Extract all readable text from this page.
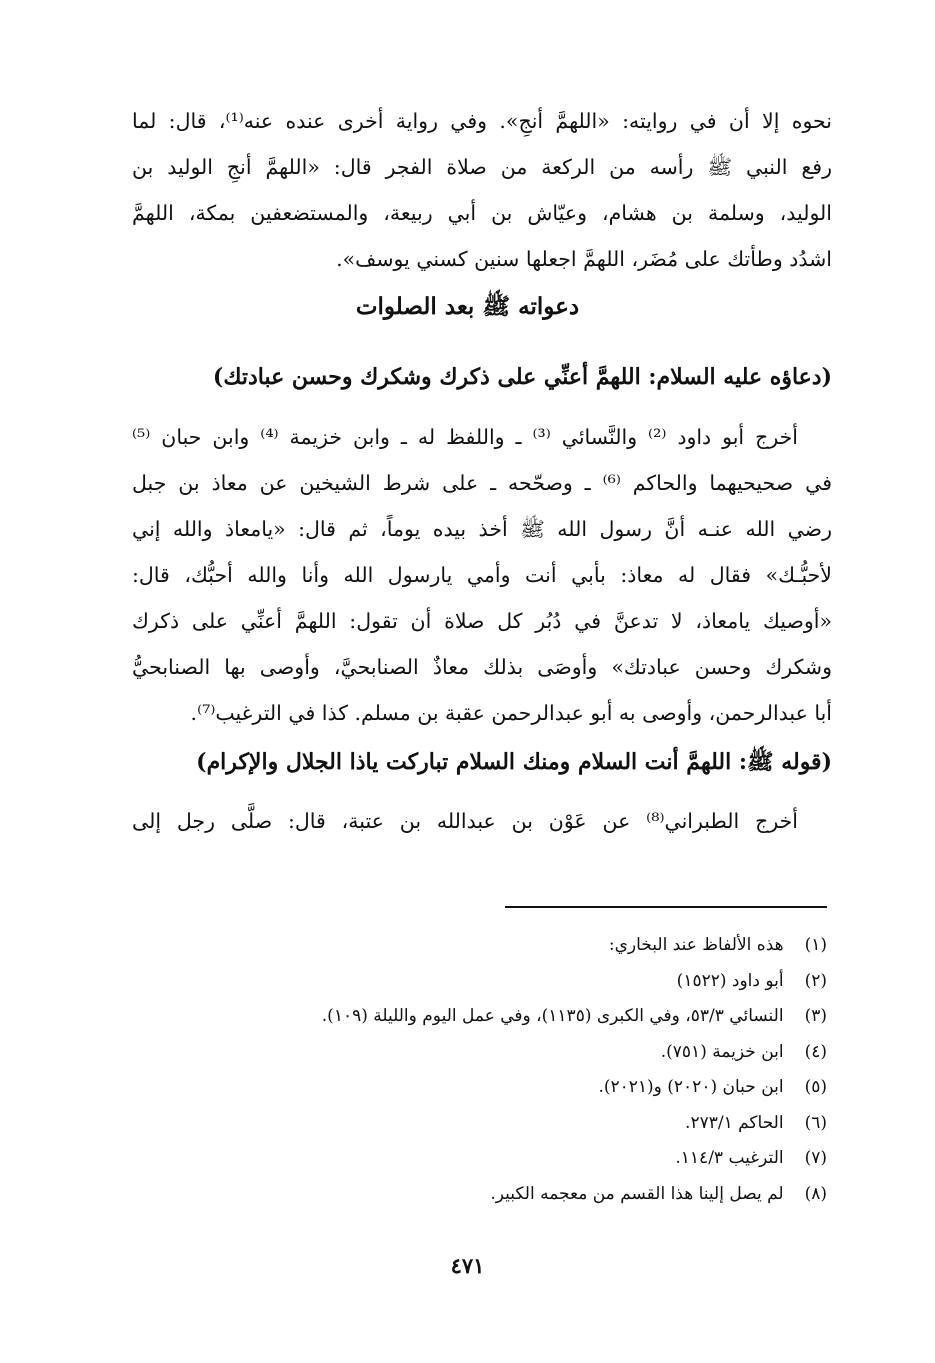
نحوه إلا أن في روايته: «اللهمَّ أنجِ». وفي رواية أخرى عنده عنه⁽¹⁾، قال: لما
رفع النبي ﷺ رأسه من الركعة من صلاة الفجر قال: «اللهمَّ أنجِ الوليد بن
الوليد، وسلمة بن هشام، وعيّاش بن أبي ربيعة، والمستضعفين بمكة، اللهمَّ
اشدُد وطأتك على مُضَر، اللهمَّ اجعلها سنين كسني يوسف».
دعواته ﷺ بعد الصلوات
(دعاؤه عليه السلام: اللهمَّ أعنِّي على ذكرك وشكرك وحسن عبادتك)
أخرج أبو داود ⁽²⁾ والنَّسائي ⁽³⁾ ـ واللفظ له ـ وابن خزيمة ⁽⁴⁾ وابن حبان ⁽⁵⁾
في صحيحيهما والحاكم ⁽⁶⁾ ـ وصحّحه ـ على شرط الشيخين عن معاذ بن جبل
رضي الله عنـه أنَّ رسول الله ﷺ أخذ بيده يوماً، ثم قال: «يامعاذ والله إني
لأحبُّـك» فقال له معاذ: بأبي أنت وأمي يارسول الله وأنا والله أحبُّك، قال:
«أوصيك يامعاذ، لا تدعنَّ في دُبُر كل صلاة أن تقول: اللهمَّ أعنِّي على ذكرك
وشكرك وحسن عبادتك» وأوصَى بذلك معاذٌ الصنابحيَّ، وأوصى بها الصنابحيُّ
أبا عبدالرحمن، وأوصى به أبو عبدالرحمن عقبة بن مسلم. كذا في الترغيب⁽⁷⁾.
(قوله ﷺ: اللهمَّ أنت السلام ومنك السلام تباركت ياذا الجلال والإكرام)
أخرج الطبراني⁽⁸⁾ عن عَوْن بن عبدالله بن عتبة، قال: صلَّى رجل إلى
(١) هذه الألفاظ عند البخاري:
(٢) أبو داود (١٥٢٢)
(٣) النسائي ٥٣/٣، وفي الكبرى (١١٣٥)، وفي عمل اليوم والليلة (١٠٩).
(٤) ابن خزيمة (٧٥١).
(٥) ابن حبان (٢٠٢٠) و(٢٠٢١).
(٦) الحاكم ٢٧٣/١.
(٧) الترغيب ١١٤/٣.
(٨) لم يصل إلينا هذا القسم من معجمه الكبير.
٤٧١
